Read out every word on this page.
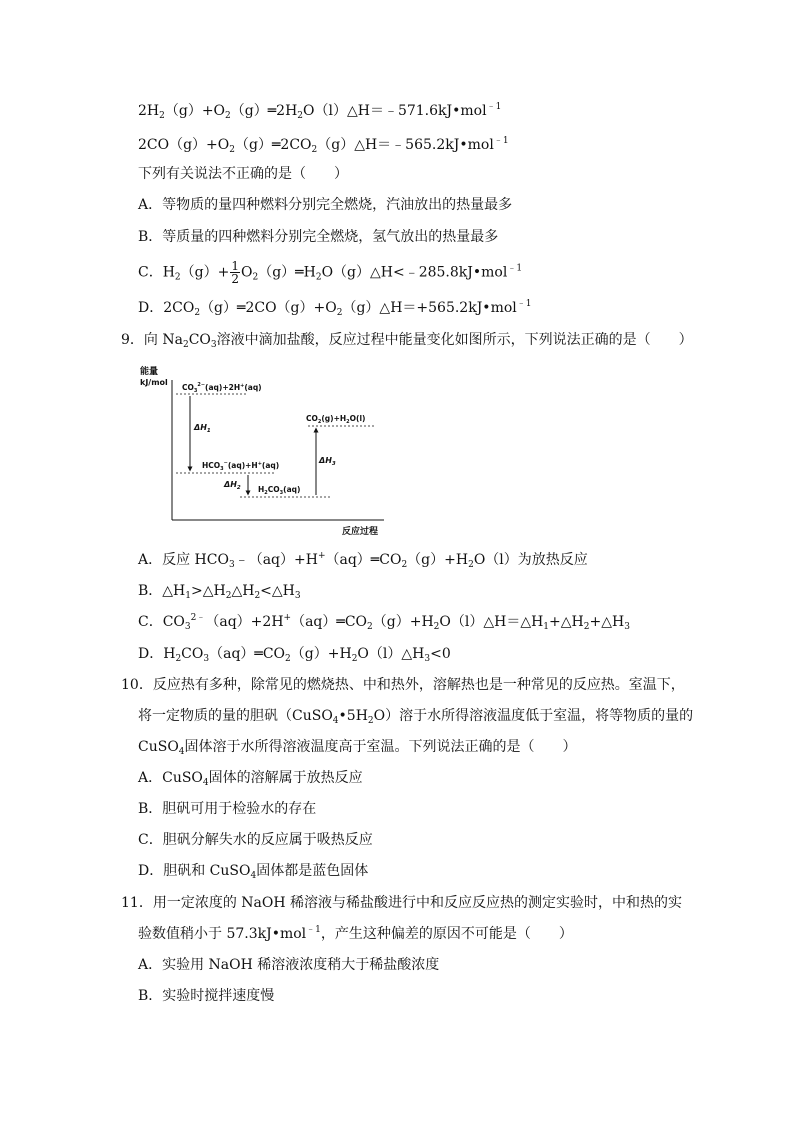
$2H_2(g)+O_2(g)═2H_2O(l)\triangle H=﹣571.6kJ•mol^{﹣1}$
$2CO(g)+O_2(g)═2CO_2(g)\triangle H=﹣565.2kJ•mol^{﹣1}$
下列有关说法不正确的是（　　）
A．等物质的量四种燃料分别完全燃烧，汽油放出的热量最多
B．等质量的四种燃料分别完全燃烧，氢气放出的热量最多
C．$H_2(g)+ \frac{1}{2}$ $O_2(g)═H_2O(g)\triangle H<﹣285.8kJ•mol^{﹣1}$
D．$2CO_2(g)═2CO(g)+O_2(g)\triangle H=+565.2kJ•mol^{﹣1}$
9．向 $Na_2CO_3$溶液中滴加盐酸，反应过程中能量变化如图所示，下列说法正确的是（　　）
能量
kJ/mol
反应过程
$CO_3^{2-}(aq)+2H^+(aq)$
$HCO_3^-(aq)+H^+(aq)$
$H_2CO_3(aq)$
$CO_2(g)+H_2O(l)$
$\Delta H_1$
$\Delta H_2$
$\Delta H_3$
A．反应 $HCO_3﹣(aq)+H^+(aq)═CO_2(g)+H_2O(l)$为放热反应
B．$\triangle H_1>\triangle H_2\triangle H_2<\triangle H_3$
C．$CO_3^{2﹣}(aq)+2H^+(aq)═CO_2(g)+H_2O(l)\triangle H=\triangle H_1+\triangle H_2+\triangle H_3$
D．$H_2CO_3(aq)═CO_2(g)+H_2O(l)\triangle H_3<0$
10．反应热有多种，除常见的燃烧热、中和热外，溶解热也是一种常见的反应热。室温下，
将一定物质的量的胆矾$(CuSO_4•5H_2O)$溶于水所得溶液温度低于室温，将等物质的量的
CuSO$_4$固体溶于水所得溶液温度高于室温。下列说法正确的是（　　）
A．CuSO$_4$固体的溶解属于放热反应
B．胆矾可用于检验水的存在
C．胆矾分解失水的反应属于吸热反应
D．胆矾和 CuSO$_4$固体都是蓝色固体
11．用一定浓度的 NaOH 稀溶液与稀盐酸进行中和反应反应热的测定实验时，中和热的实
验数值稍小于 57.3kJ•mol$^{﹣1}$，产生这种偏差的原因不可能是（　　）
A．实验用 NaOH 稀溶液浓度稍大于稀盐酸浓度
B．实验时搅拌速度慢
